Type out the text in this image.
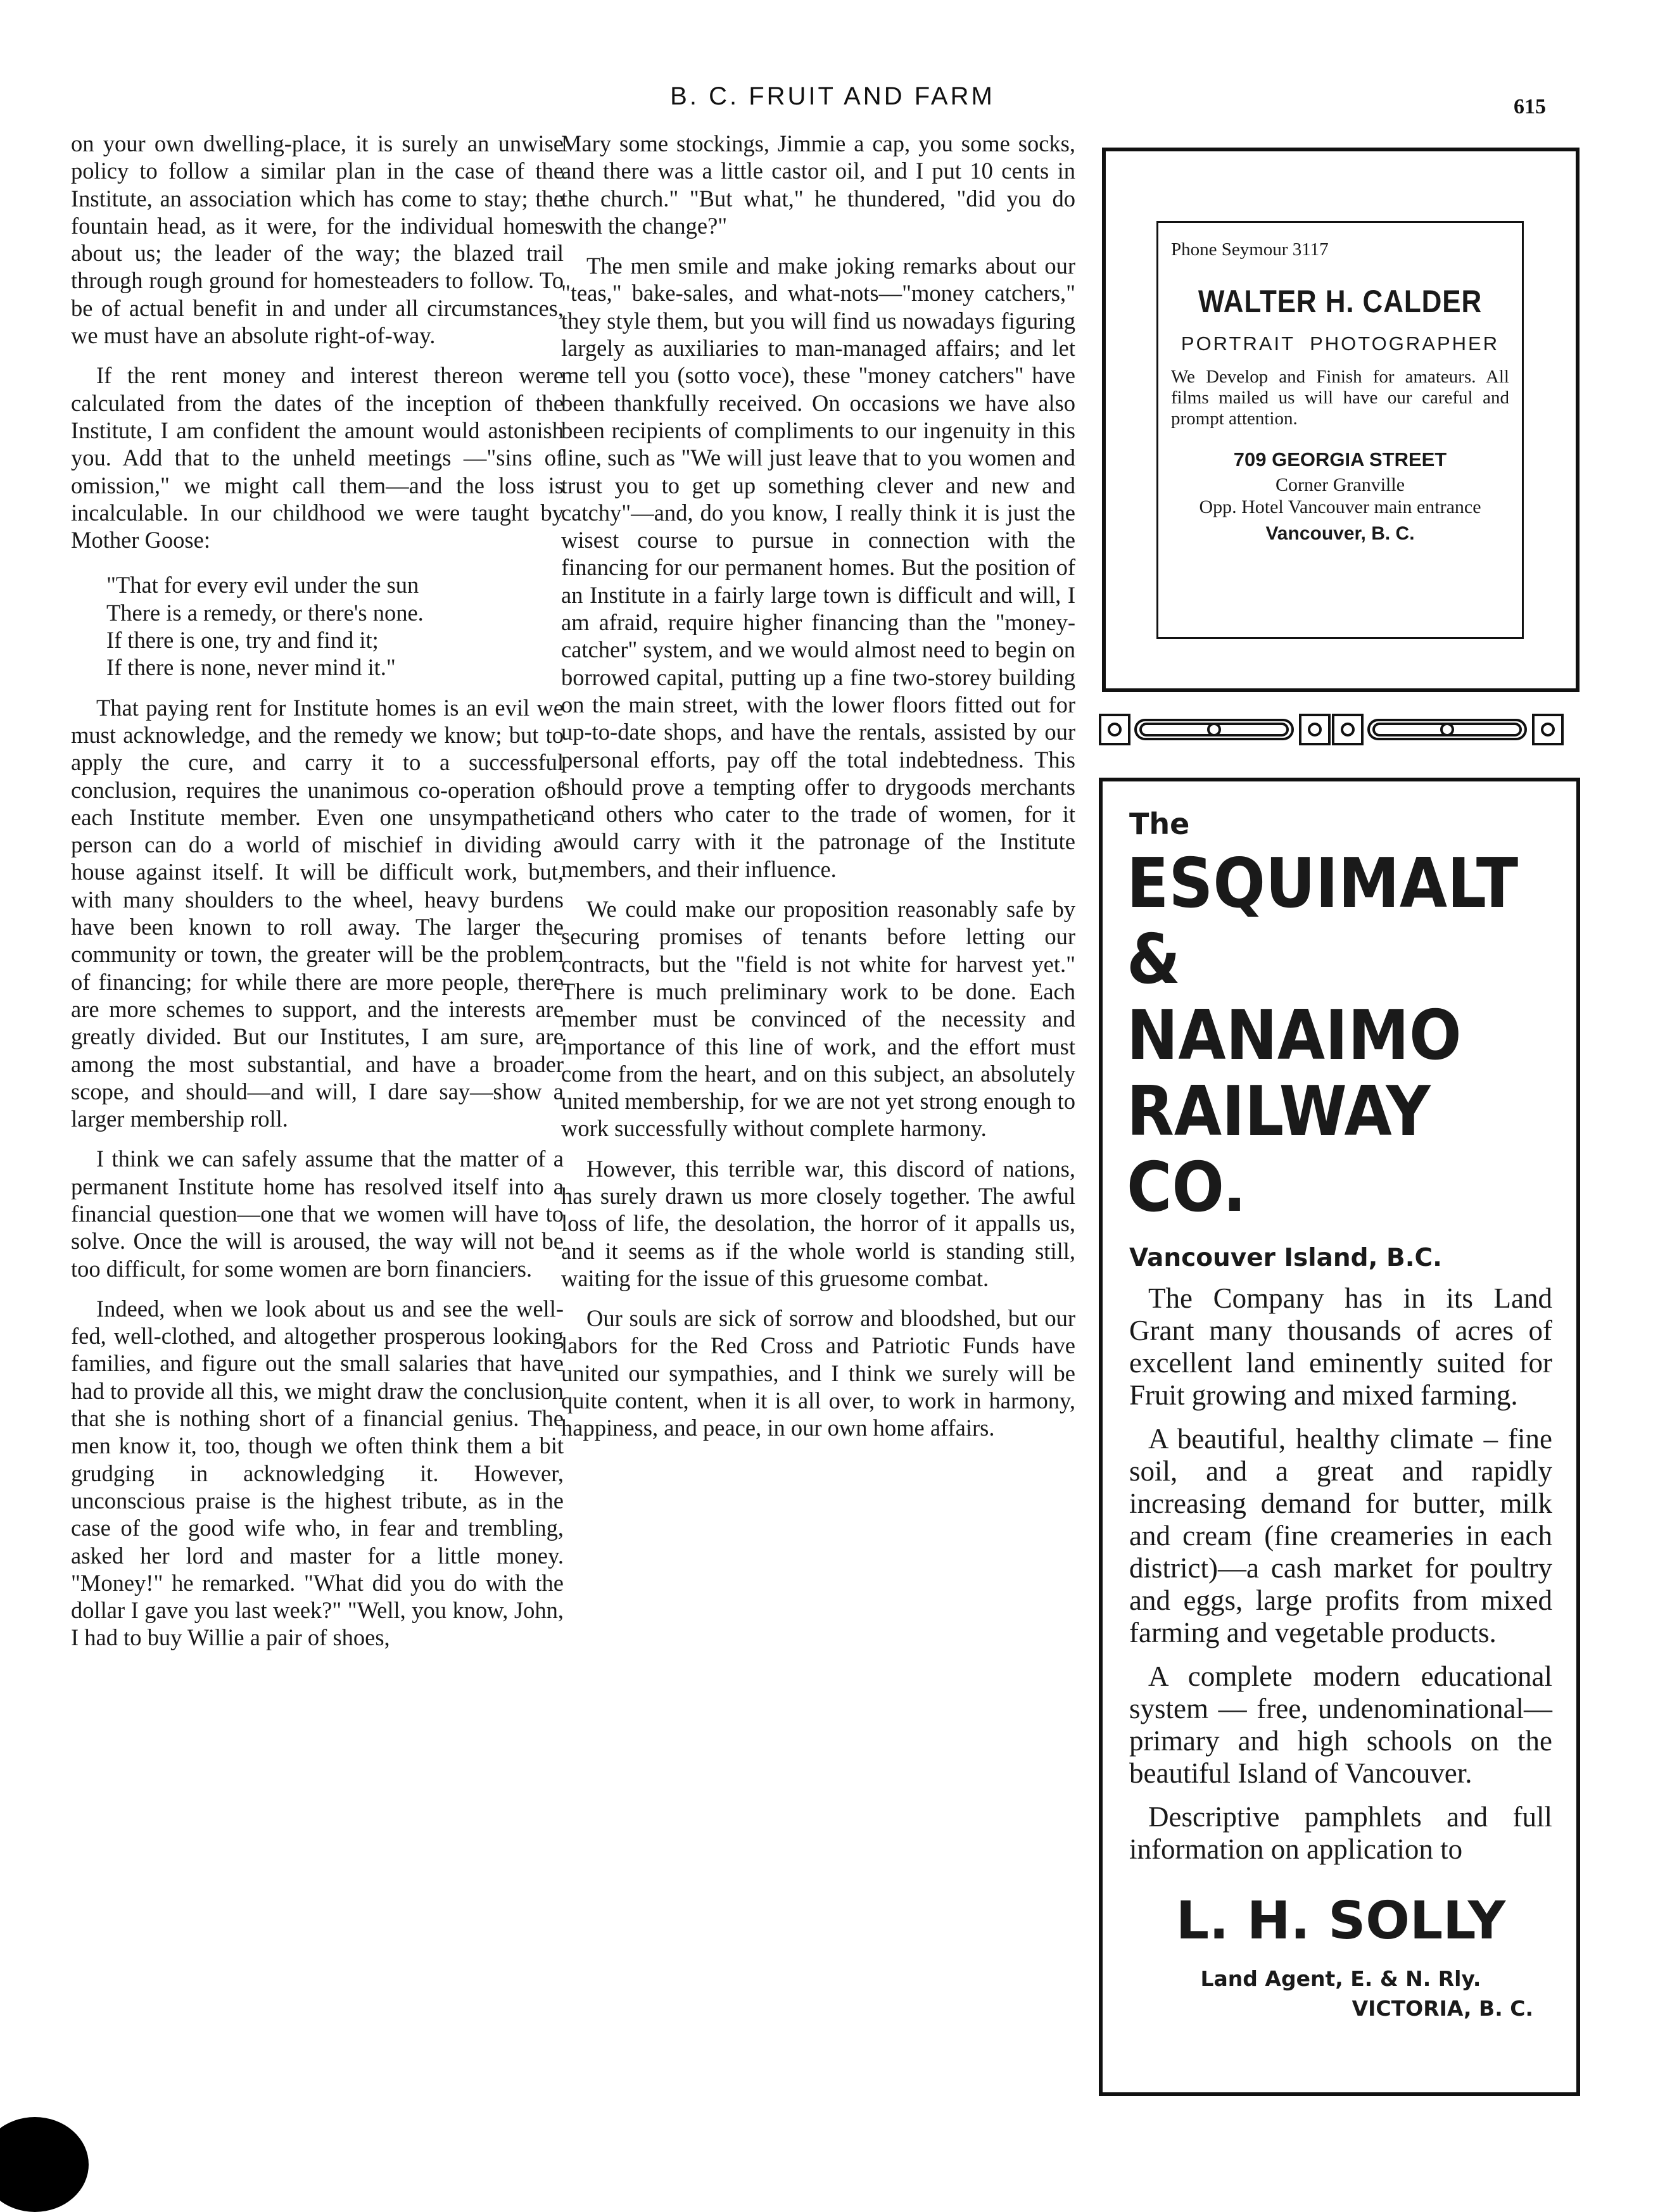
B. C. FRUIT AND FARM	615

on your own dwelling-place, it is surely an unwise policy to follow a similar plan in the case of the Institute, an association which has come to stay; the fountain head, as it were, for the individual homes about us; the leader of the way; the blazed trail through rough ground for homesteaders to follow. To be of actual benefit in and under all circumstances, we must have an absolute right-of-way.

If the rent money and interest thereon were calculated from the dates of the inception of the Institute, I am confident the amount would astonish you. Add that to the unheld meetings —"sins of omission," we might call them—and the loss is incalculable. In our childhood we were taught by Mother Goose:

"That for every evil under the sun
There is a remedy, or there's none.
If there is one, try and find it;
If there is none, never mind it."

That paying rent for Institute homes is an evil we must acknowledge, and the remedy we know; but to apply the cure, and carry it to a successful conclusion, requires the unanimous co-operation of each Institute member. Even one unsympathetic person can do a world of mischief in dividing a house against itself. It will be difficult work, but, with many shoulders to the wheel, heavy burdens have been known to roll away. The larger the community or town, the greater will be the problem of financing; for while there are more people, there are more schemes to support, and the interests are greatly divided. But our Institutes, I am sure, are among the most substantial, and have a broader scope, and should—and will, I dare say—show a larger membership roll.

I think we can safely assume that the matter of a permanent Institute home has resolved itself into a financial question—one that we women will have to solve. Once the will is aroused, the way will not be too difficult, for some women are born financiers.

Indeed, when we look about us and see the well-fed, well-clothed, and altogether prosperous looking families, and figure out the small salaries that have had to provide all this, we might draw the conclusion that she is nothing short of a financial genius. The men know it, too, though we often think them a bit grudging in acknowledging it. However, unconscious praise is the highest tribute, as in the case of the good wife who, in fear and trembling, asked her lord and master for a little money. "Money!" he remarked. "What did you do with the dollar I gave you last week?" "Well, you know, John, I had to buy Willie a pair of shoes,

Mary some stockings, Jimmie a cap, you some socks, and there was a little castor oil, and I put 10 cents in the church." "But what," he thundered, "did you do with the change?"

The men smile and make joking remarks about our "teas," bake-sales, and what-nots—"money catchers," they style them, but you will find us nowadays figuring largely as auxiliaries to man-managed affairs; and let me tell you (sotto voce), these "money catchers" have been thankfully received. On occasions we have also been recipients of compliments to our ingenuity in this line, such as "We will just leave that to you women and trust you to get up something clever and new and catchy"—and, do you know, I really think it is just the wisest course to pursue in connection with the financing for our permanent homes. But the position of an Institute in a fairly large town is difficult and will, I am afraid, require higher financing than the "money-catcher" system, and we would almost need to begin on borrowed capital, putting up a fine two-storey building on the main street, with the lower floors fitted out for up-to-date shops, and have the rentals, assisted by our personal efforts, pay off the total indebtedness. This should prove a tempting offer to drygoods merchants and others who cater to the trade of women, for it would carry with it the patronage of the Institute members, and their influence.

We could make our proposition reasonably safe by securing promises of tenants before letting our contracts, but the "field is not white for harvest yet." There is much preliminary work to be done. Each member must be convinced of the necessity and importance of this line of work, and the effort must come from the heart, and on this subject, an absolutely united membership, for we are not yet strong enough to work successfully without complete harmony.

However, this terrible war, this discord of nations, has surely drawn us more closely together. The awful loss of life, the desolation, the horror of it appalls us, and it seems as if the whole world is standing still, waiting for the issue of this gruesome combat.

Our souls are sick of sorrow and bloodshed, but our labors for the Red Cross and Patriotic Funds have united our sympathies, and I think we surely will be quite content, when it is all over, to work in harmony, happiness, and peace, in our own home affairs.

Phone Seymour 3117

WALTER H. CALDER

PORTRAIT PHOTOGRAPHER

We Develop and Finish for amateurs. All films mailed us will have our careful and prompt attention.

709 GEORGIA STREET

Corner Granville

Opp. Hotel Vancouver main entrance

Vancouver, B. C.

The

ESQUIMALT
& NANAIMO
RAILWAY
CO.

Vancouver Island, B.C.

The Company has in its Land Grant many thousands of acres of excellent land eminently suited for Fruit growing and mixed farming.

A beautiful, healthy climate – fine soil, and a great and rapidly increasing demand for butter, milk and cream (fine creameries in each district)—a cash market for poultry and eggs, large profits from mixed farming and vegetable products.

A complete modern educational system — free, undenominational—primary and high schools on the beautiful Island of Vancouver.

Descriptive pamphlets and full information on application to

L. H. SOLLY

Land Agent, E. & N. Rly.

VICTORIA, B. C.
